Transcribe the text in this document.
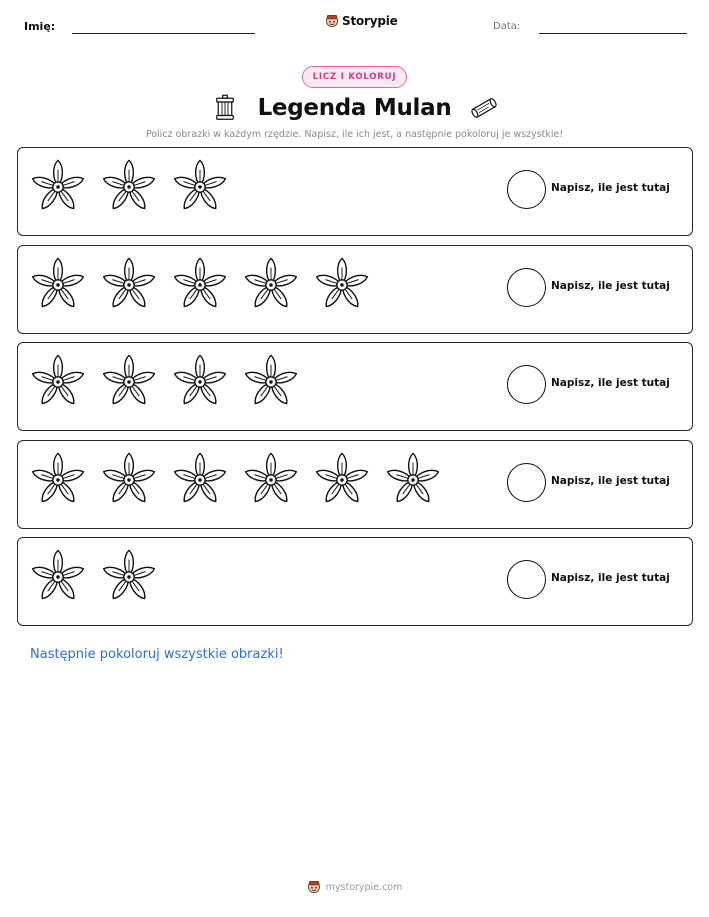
Imię:	Storypie	Data:
LICZ I KOLORUJ
Legenda Mulan
Policz obrazki w każdym rzędzie. Napisz, ile ich jest, a następnie pokoloruj je wszystkie!
Napisz, ile jest tutaj
Napisz, ile jest tutaj
Napisz, ile jest tutaj
Napisz, ile jest tutaj
Napisz, ile jest tutaj
Następnie pokoloruj wszystkie obrazki!
mystorypie.com
